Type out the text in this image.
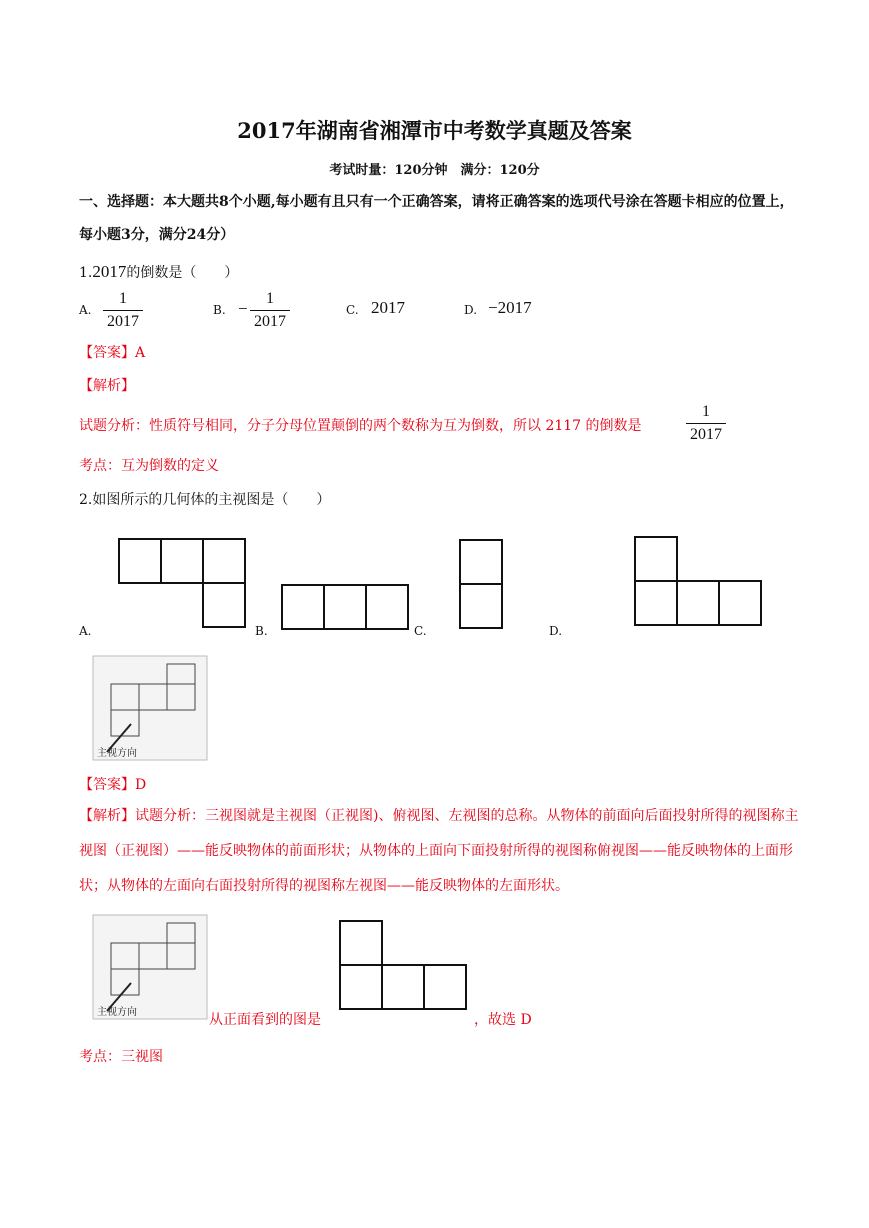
2017年湖南省湘潭市中考数学真题及答案
考试时量：120分钟　满分：120分
一、选择题：本大题共8个小题,每小题有且只有一个正确答案，请将正确答案的选项代号涂在答题卡相应的位置上，每小题3分，满分24分）
1.2017的倒数是（　　）
A.
1
2017
B. −
1
2017
C. 2017	D. −2017
【答案】A
【解析】
试题分析：性质符号相同，分子分母位置颠倒的两个数称为互为倒数，所以 2117 的倒数是
1
2017
考点：互为倒数的定义
2.如图所示的几何体的主视图是（　　）
A.	B.	C.	D.
主视方向
【答案】D
【解析】试题分析：三视图就是主视图（正视图)、俯视图、左视图的总称。从物体的前面向后面投射所得的视图称主视图（正视图）——能反映物体的前面形状；从物体的上面向下面投射所得的视图称俯视图——能反映物体的上面形状；从物体的左面向右面投射所得的视图称左视图——能反映物体的左面形状。
主视方向	从正面看到的图是	，故选 D
考点：三视图
